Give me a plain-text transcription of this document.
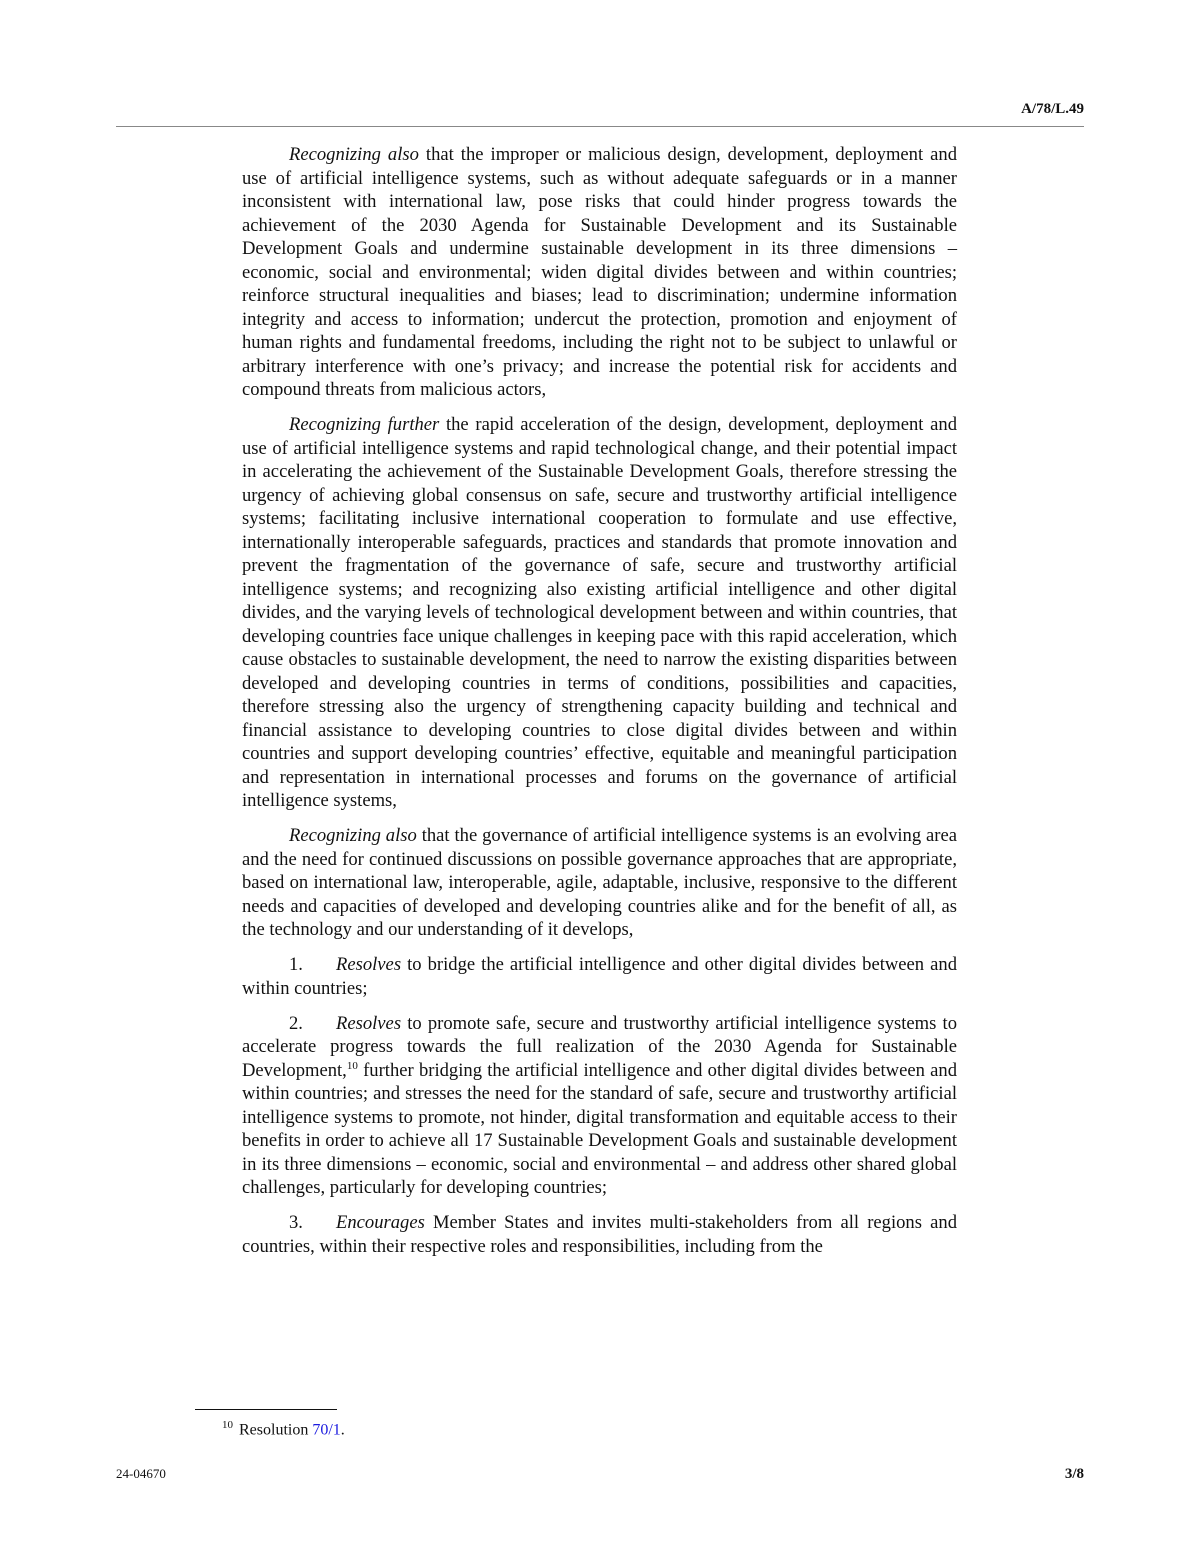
A/78/L.49

Recognizing also that the improper or malicious design, development, deployment and use of artificial intelligence systems, such as without adequate safeguards or in a manner inconsistent with international law, pose risks that could hinder progress towards the achievement of the 2030 Agenda for Sustainable Development and its Sustainable Development Goals and undermine sustainable development in its three dimensions – economic, social and environmental; widen digital divides between and within countries; reinforce structural inequalities and biases; lead to discrimination; undermine information integrity and access to information; undercut the protection, promotion and enjoyment of human rights and fundamental freedoms, including the right not to be subject to unlawful or arbitrary interference with one’s privacy; and increase the potential risk for accidents and compound threats from malicious actors,

Recognizing further the rapid acceleration of the design, development, deployment and use of artificial intelligence systems and rapid technological change, and their potential impact in accelerating the achievement of the Sustainable Development Goals, therefore stressing the urgency of achieving global consensus on safe, secure and trustworthy artificial intelligence systems; facilitating inclusive international cooperation to formulate and use effective, internationally interoperable safeguards, practices and standards that promote innovation and prevent the fragmentation of the governance of safe, secure and trustworthy artificial intelligence systems; and recognizing also existing artificial intelligence and other digital divides, and the varying levels of technological development between and within countries, that developing countries face unique challenges in keeping pace with this rapid acceleration, which cause obstacles to sustainable development, the need to narrow the existing disparities between developed and developing countries in terms of conditions, possibilities and capacities, therefore stressing also the urgency of strengthening capacity building and technical and financial assistance to developing countries to close digital divides between and within countries and support developing countries’ effective, equitable and meaningful participation and representation in international processes and forums on the governance of artificial intelligence systems,

Recognizing also that the governance of artificial intelligence systems is an evolving area and the need for continued discussions on possible governance approaches that are appropriate, based on international law, interoperable, agile, adaptable, inclusive, responsive to the different needs and capacities of developed and developing countries alike and for the benefit of all, as the technology and our understanding of it develops,

1. Resolves to bridge the artificial intelligence and other digital divides between and within countries;

2. Resolves to promote safe, secure and trustworthy artificial intelligence systems to accelerate progress towards the full realization of the 2030 Agenda for Sustainable Development,$^{10}$ further bridging the artificial intelligence and other digital divides between and within countries; and stresses the need for the standard of safe, secure and trustworthy artificial intelligence systems to promote, not hinder, digital transformation and equitable access to their benefits in order to achieve all 17 Sustainable Development Goals and sustainable development in its three dimensions – economic, social and environmental – and address other shared global challenges, particularly for developing countries;

3. Encourages Member States and invites multi-stakeholders from all regions and countries, within their respective roles and responsibilities, including from the

$^{10}$ Resolution 70/1.
24-04670	3/8
